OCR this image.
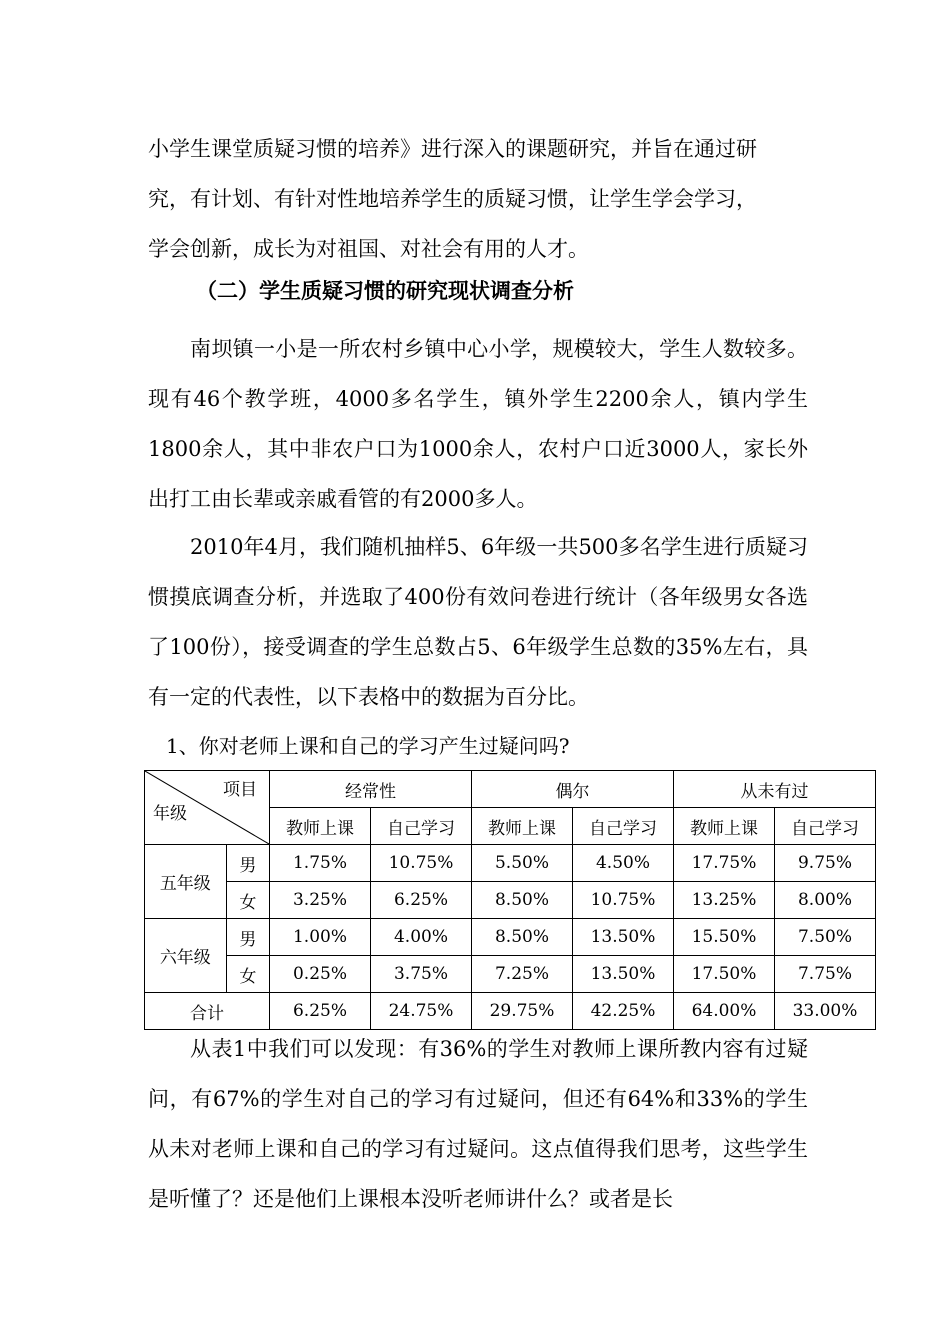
小学生课堂质疑习惯的培养》进行深入的课题研究，并旨在通过研
究，有计划、有针对性地培养学生的质疑习惯，让学生学会学习，
学会创新，成长为对祖国、对社会有用的人才。

（二）学生质疑习惯的研究现状调查分析

南坝镇一小是一所农村乡镇中心小学，规模较大，学生人数较多。现有46个教学班，4000多名学生，镇外学生2200余人，镇内学生1800余人，其中非农户口为1000余人，农村户口近3000人，家长外出打工由长辈或亲戚看管的有2000多人。

2010年4月，我们随机抽样5、6年级一共500多名学生进行质疑习惯摸底调查分析，并选取了400份有效问卷进行统计（各年级男女各选了100份），接受调查的学生总数占5、6年级学生总数的35%左右，具有一定的代表性，以下表格中的数据为百分比。

1、你对老师上课和自己的学习产生过疑问吗?

项目
年级		经常性		偶尔		从未有过	
		教师上课	自己学习	教师上课	自己学习	教师上课	自己学习
五年级	男	1.75%	10.75%	5.50%	4.50%	17.75%	9.75%
	女	3.25%	6.25%	8.50%	10.75%	13.25%	8.00%
六年级	男	1.00%	4.00%	8.50%	13.50%	15.50%	7.50%
	女	0.25%	3.75%	7.25%	13.50%	17.50%	7.75%
合计		6.25%	24.75%	29.75%	42.25%	64.00%	33.00%

从表1中我们可以发现：有36%的学生对教师上课所教内容有过疑问，有67%的学生对自己的学习有过疑问，但还有64%和33%的学生从未对老师上课和自己的学习有过疑问。这点值得我们思考，这些学生是听懂了？还是他们上课根本没听老师讲什么？或者是长
